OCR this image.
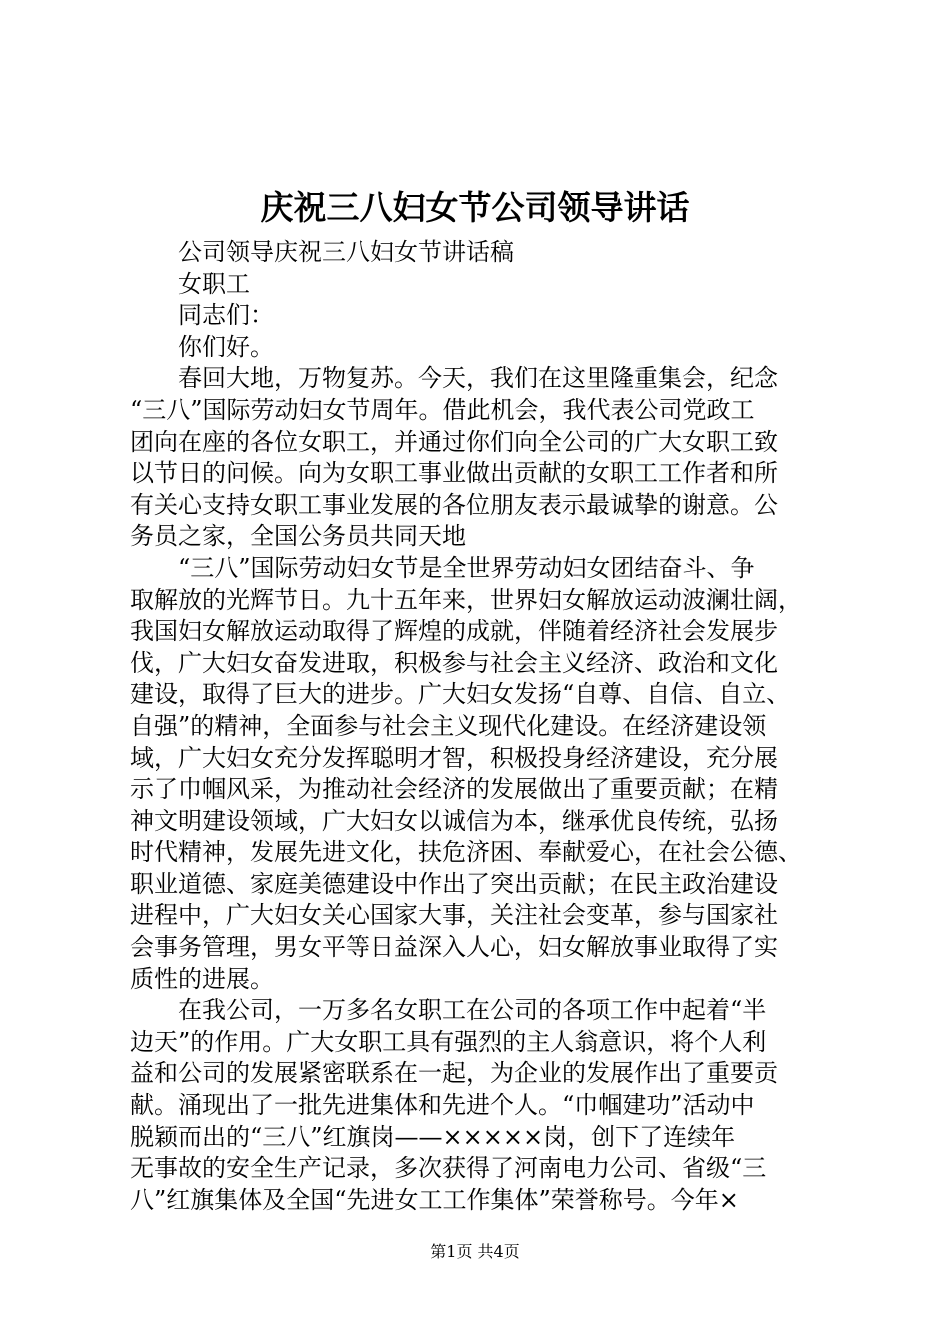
庆祝三八妇女节公司领导讲话
公司领导庆祝三八妇女节讲话稿
女职工
同志们：
你们好。
春回大地，万物复苏。今天，我们在这里隆重集会，纪念
“三八”国际劳动妇女节周年。借此机会，我代表公司党政工
团向在座的各位女职工，并通过你们向全公司的广大女职工致
以节日的问候。向为女职工事业做出贡献的女职工工作者和所
有关心支持女职工事业发展的各位朋友表示最诚挚的谢意。公
务员之家，全国公务员共同天地
“三八”国际劳动妇女节是全世界劳动妇女团结奋斗、争
取解放的光辉节日。九十五年来，世界妇女解放运动波澜壮阔，
我国妇女解放运动取得了辉煌的成就，伴随着经济社会发展步
伐，广大妇女奋发进取，积极参与社会主义经济、政治和文化
建设，取得了巨大的进步。广大妇女发扬“自尊、自信、自立、
自强”的精神，全面参与社会主义现代化建设。在经济建设领
域，广大妇女充分发挥聪明才智，积极投身经济建设，充分展
示了巾帼风采，为推动社会经济的发展做出了重要贡献；在精
神文明建设领域，广大妇女以诚信为本，继承优良传统，弘扬
时代精神，发展先进文化，扶危济困、奉献爱心，在社会公德、
职业道德、家庭美德建设中作出了突出贡献；在民主政治建设
进程中，广大妇女关心国家大事，关注社会变革，参与国家社
会事务管理，男女平等日益深入人心，妇女解放事业取得了实
质性的进展。
在我公司，一万多名女职工在公司的各项工作中起着“半
边天”的作用。广大女职工具有强烈的主人翁意识，将个人利
益和公司的发展紧密联系在一起，为企业的发展作出了重要贡
献。涌现出了一批先进集体和先进个人。“巾帼建功”活动中
脱颖而出的“三八”红旗岗——×××××岗，创下了连续年
无事故的安全生产记录，多次获得了河南电力公司、省级“三
八”红旗集体及全国“先进女工工作集体”荣誉称号。今年×
第1页 共4页
